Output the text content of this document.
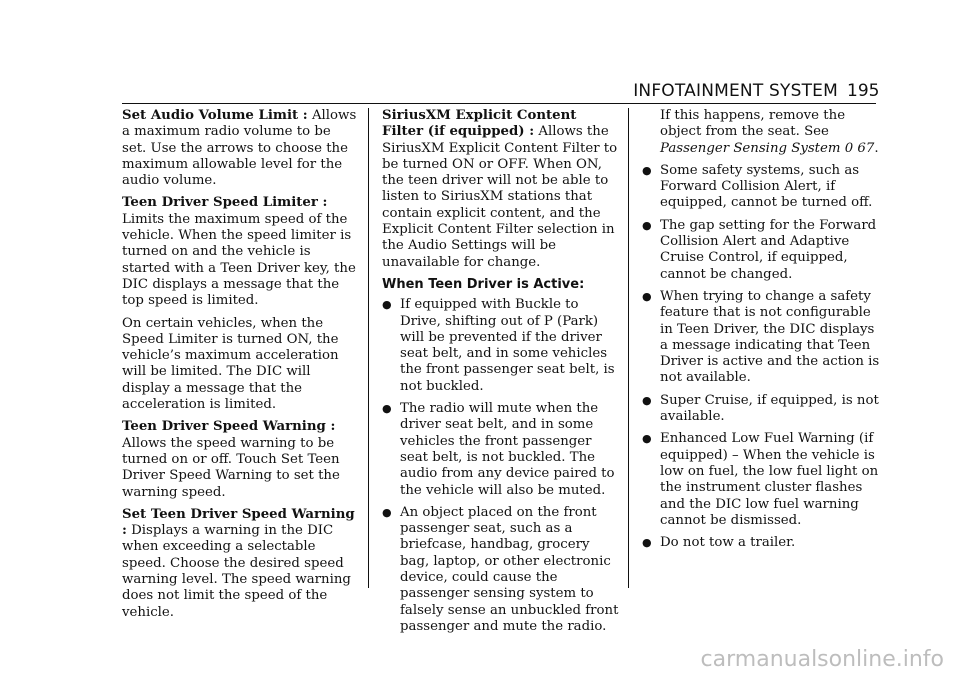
INFOTAINMENT SYSTEM 195

Set Audio Volume Limit : Allows a maximum radio volume to be set. Use the arrows to choose the maximum allowable level for the audio volume.

Teen Driver Speed Limiter : Limits the maximum speed of the vehicle. When the speed limiter is turned on and the vehicle is started with a Teen Driver key, the DIC displays a message that the top speed is limited.

On certain vehicles, when the Speed Limiter is turned ON, the vehicle’s maximum acceleration will be limited. The DIC will display a message that the acceleration is limited.

Teen Driver Speed Warning : Allows the speed warning to be turned on or off. Touch Set Teen Driver Speed Warning to set the warning speed.

Set Teen Driver Speed Warning : Displays a warning in the DIC when exceeding a selectable speed. Choose the desired speed warning level. The speed warning does not limit the speed of the vehicle.

SiriusXM Explicit Content Filter (if equipped) : Allows the SiriusXM Explicit Content Filter to be turned ON or OFF. When ON, the teen driver will not be able to listen to SiriusXM stations that contain explicit content, and the Explicit Content Filter selection in the Audio Settings will be unavailable for change.

When Teen Driver is Active:
● If equipped with Buckle to Drive, shifting out of P (Park) will be prevented if the driver seat belt, and in some vehicles the front passenger seat belt, is not buckled.
● The radio will mute when the driver seat belt, and in some vehicles the front passenger seat belt, is not buckled. The audio from any device paired to the vehicle will also be muted.
● An object placed on the front passenger seat, such as a briefcase, handbag, grocery bag, laptop, or other electronic device, could cause the passenger sensing system to falsely sense an unbuckled front passenger and mute the radio.

If this happens, remove the object from the seat. See Passenger Sensing System 0 67.

● Some safety systems, such as Forward Collision Alert, if equipped, cannot be turned off.
● The gap setting for the Forward Collision Alert and Adaptive Cruise Control, if equipped, cannot be changed.
● When trying to change a safety feature that is not configurable in Teen Driver, the DIC displays a message indicating that Teen Driver is active and the action is not available.
● Super Cruise, if equipped, is not available.
● Enhanced Low Fuel Warning (if equipped) – When the vehicle is low on fuel, the low fuel light on the instrument cluster flashes and the DIC low fuel warning cannot be dismissed.
● Do not tow a trailer.
carmanualsonline.info
